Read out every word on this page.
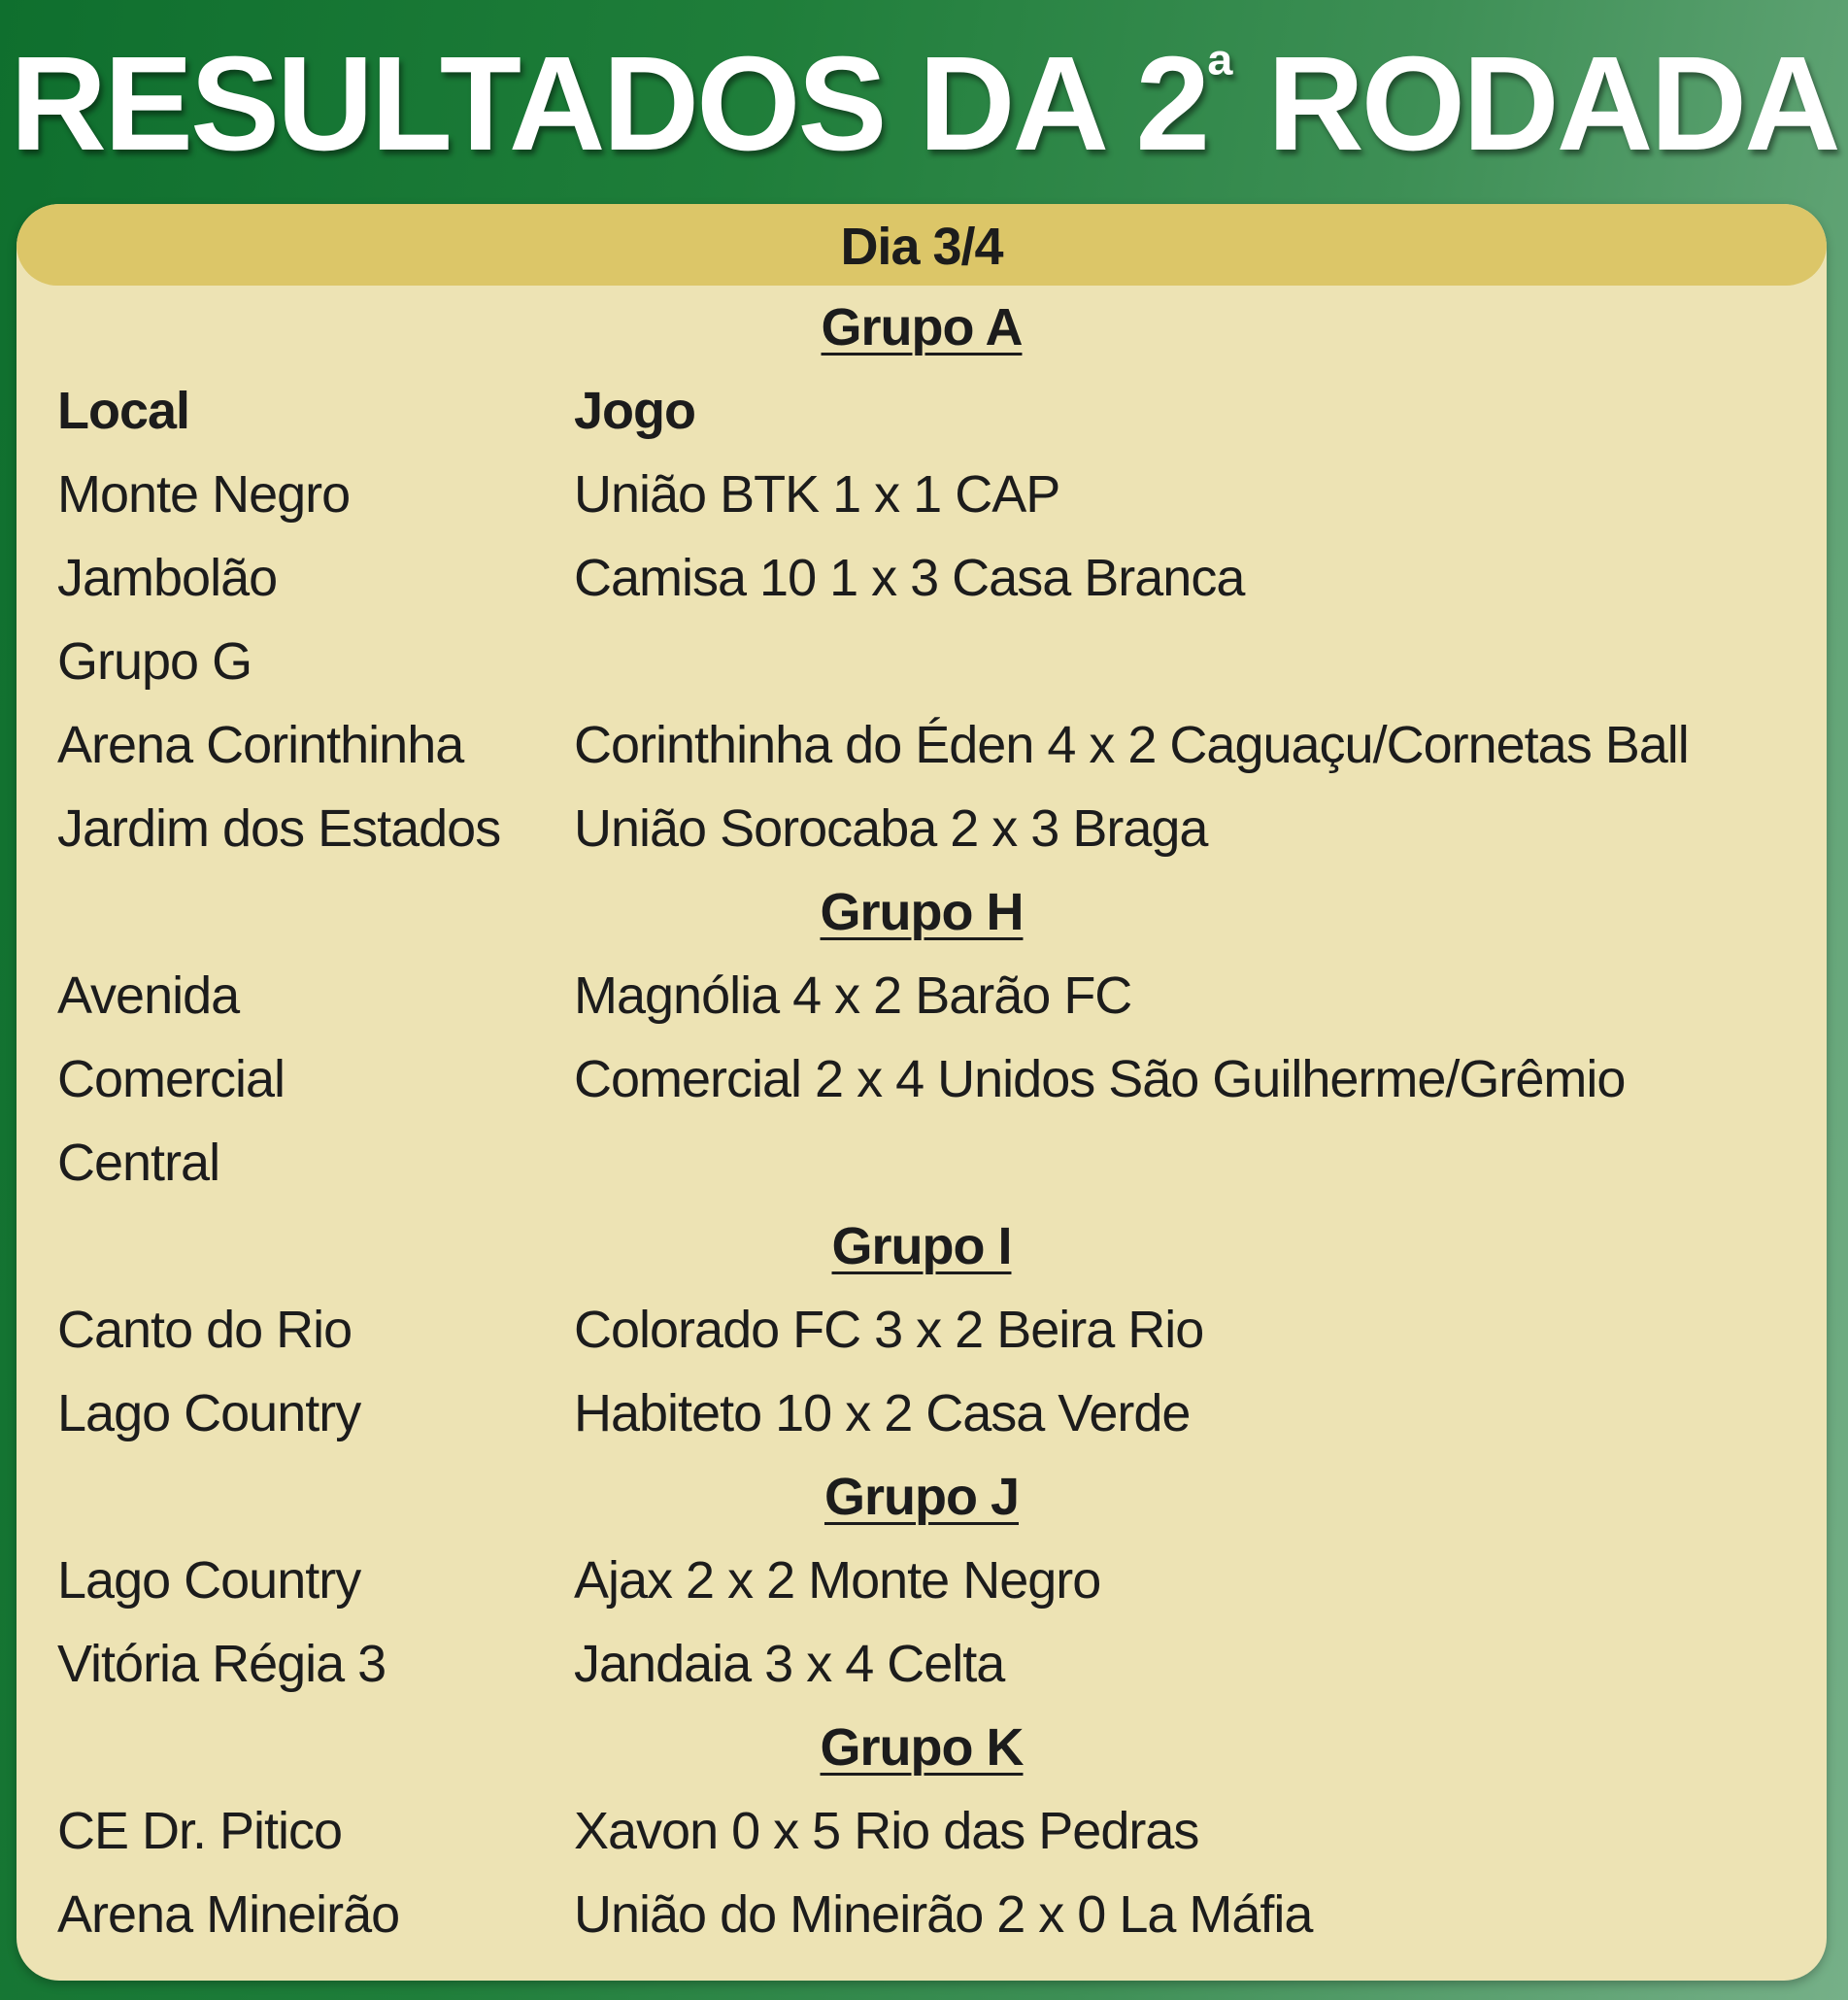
RESULTADOS DA $2^ª$ RODADA
Dia 3/4
Grupo A
Local	Jogo
Monte Negro	União BTK 1 x 1 CAP
Jambolão	Camisa 10 1 x 3 Casa Branca
Grupo G
Arena Corinthinha	Corinthinha do Éden 4 x 2 Caguaçu/Cornetas Ball
Jardim dos Estados	União Sorocaba 2 x 3 Braga
Grupo H
Avenida	Magnólia 4 x 2 Barão FC
Comercial	Comercial 2 x 4 Unidos São Guilherme/Grêmio
Central
Grupo I
Canto do Rio	Colorado FC 3 x 2 Beira Rio
Lago Country	Habiteto 10 x 2 Casa Verde
Grupo J
Lago Country	Ajax 2 x 2 Monte Negro
Vitória Régia 3	Jandaia 3 x 4 Celta
Grupo K
CE Dr. Pitico	Xavon 0 x 5 Rio das Pedras
Arena Mineirão	União do Mineirão 2 x 0 La Máfia
